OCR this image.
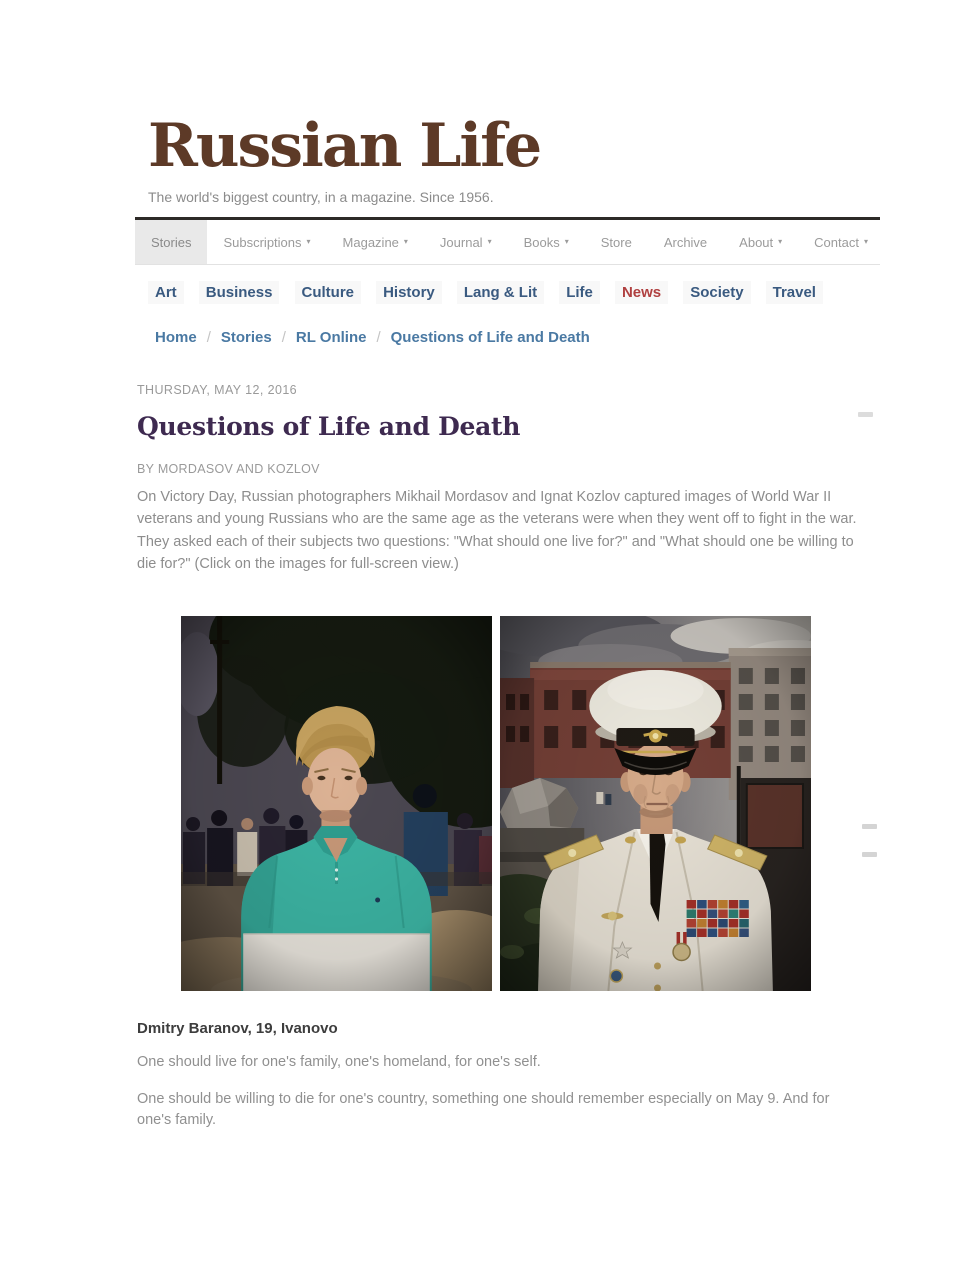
Russian Life
The world's biggest country, in a magazine. Since 1956.
Stories Subscriptions ▾ Magazine ▾ Journal ▾ Books ▾ Store Archive About ▾ Contact ▾
Art	Business	Culture	History	Lang & Lit	Life	News	Society	Travel
Home / Stories / RL Online / Questions of Life and Death
THURSDAY, MAY 12, 2016
Questions of Life and Death
BY MORDASOV AND KOZLOV

On Victory Day, Russian photographers Mikhail Mordasov and Ignat Kozlov captured images of World War II veterans and young Russians who are the same age as the veterans were when they went off to fight in the war. They asked each of their subjects two questions: "What should one live for?" and "What should one be willing to die for?" (Click on the images for full-screen view.)

Dmitry Baranov, 19, Ivanovo

One should live for one's family, one's homeland, for one's self.

One should be willing to die for one's country, something one should remember especially on May 9. And for one's family.
